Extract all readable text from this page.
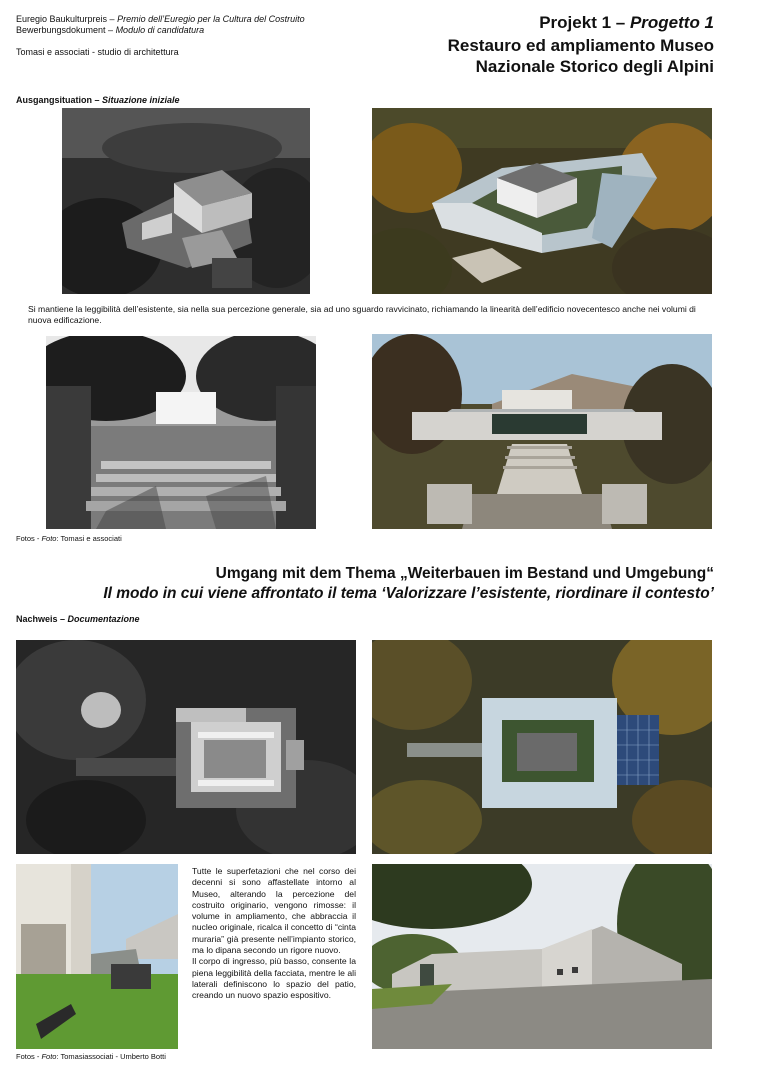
Euregio Baukulturpreis – Premio dell’Euregio per la Cultura del Costruito
Bewerbungsdokument – Modulo di candidatura
Tomasi e associati - studio di architettura
Projekt 1 – Progetto 1
Restauro ed ampliamento Museo
Nazionale Storico degli Alpini
Ausgangsituation – Situazione iniziale
Si mantiene la leggibilità dell’esistente, sia nella sua percezione generale, sia ad uno sguardo ravvicinato, richiamando la linearità dell’edificio novecentesco anche nei volumi di nuova edificazione.
Fotos - Foto: Tomasi e associati
Umgang mit dem Thema „Weiterbauen im Bestand und Umgebung“
Il modo in cui viene affrontato il tema ‘Valorizzare l’esistente, riordinare il contesto’
Nachweis – Documentazione
Tutte le superfetazioni che nel corso dei decenni si sono affastellate intorno al Museo, alterando la percezione del costruito originario, vengono rimosse: il volume in ampliamento, che abbraccia il nucleo originale, ricalca il concetto di “cinta muraria” già presente nell’impianto storico, ma lo dipana secondo un rigore nuovo.
Il corpo di ingresso, più basso, consente la piena leggibilità della facciata, mentre le ali laterali definiscono lo spazio del patio, creando un nuovo spazio espositivo.
Fotos - Foto: Tomasiassociati - Umberto Botti
